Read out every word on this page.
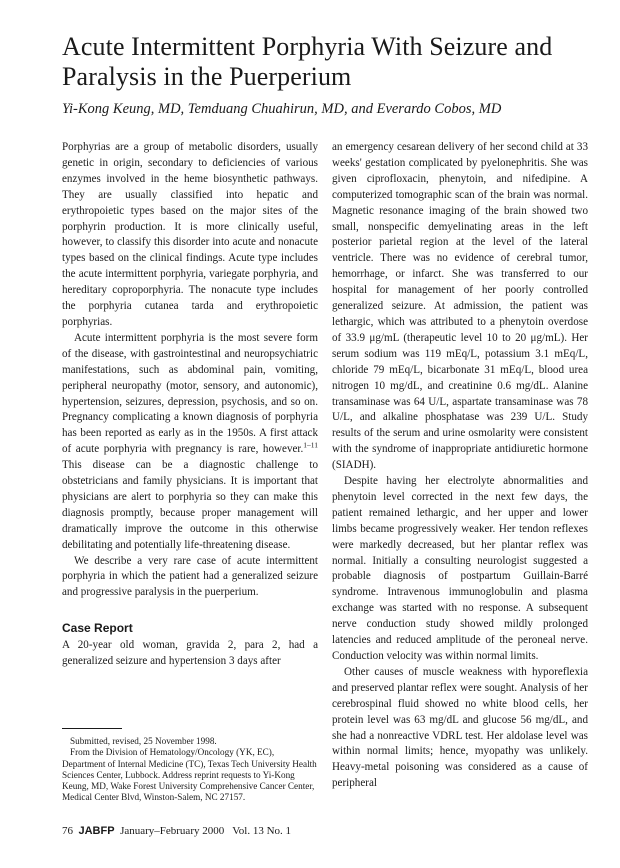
Acute Intermittent Porphyria With Seizure and Paralysis in the Puerperium
Yi-Kong Keung, MD, Temduang Chuahirun, MD, and Everardo Cobos, MD

Porphyrias are a group of metabolic disorders, usually genetic in origin, secondary to deficiencies of various enzymes involved in the heme biosynthetic pathways. They are usually classified into hepatic and erythropoietic types based on the major sites of the porphyrin production. It is more clinically useful, however, to classify this disorder into acute and nonacute types based on the clinical findings. Acute type includes the acute intermittent porphyria, variegate porphyria, and hereditary coproporphyria. The nonacute type includes the porphyria cutanea tarda and erythropoietic porphyrias.

Acute intermittent porphyria is the most severe form of the disease, with gastrointestinal and neuropsychiatric manifestations, such as abdominal pain, vomiting, peripheral neuropathy (motor, sensory, and autonomic), hypertension, seizures, depression, psychosis, and so on. Pregnancy complicating a known diagnosis of porphyria has been reported as early as in the 1950s. A first attack of acute porphyria with pregnancy is rare, however.$^{1-11}$ This disease can be a diagnostic challenge to obstetricians and family physicians. It is important that physicians are alert to porphyria so they can make this diagnosis promptly, because proper management will dramatically improve the outcome in this otherwise debilitating and potentially life-threatening disease.

We describe a very rare case of acute intermittent porphyria in which the patient had a generalized seizure and progressive paralysis in the puerperium.

Case Report

A 20-year old woman, gravida 2, para 2, had a generalized seizure and hypertension 3 days after

Submitted, revised, 25 November 1998.

From the Division of Hematology/Oncology (YK, EC), Department of Internal Medicine (TC), Texas Tech University Health Sciences Center, Lubbock. Address reprint requests to Yi-Kong Keung, MD, Wake Forest University Comprehensive Cancer Center, Medical Center Blvd, Winston-Salem, NC 27157.

an emergency cesarean delivery of her second child at 33 weeks' gestation complicated by pyelonephritis. She was given ciprofloxacin, phenytoin, and nifedipine. A computerized tomographic scan of the brain was normal. Magnetic resonance imaging of the brain showed two small, nonspecific demyelinating areas in the left posterior parietal region at the level of the lateral ventricle. There was no evidence of cerebral tumor, hemorrhage, or infarct. She was transferred to our hospital for management of her poorly controlled generalized seizure. At admission, the patient was lethargic, which was attributed to a phenytoin overdose of 33.9 μg/mL (therapeutic level 10 to 20 μg/mL). Her serum sodium was 119 mEq/L, potassium 3.1 mEq/L, chloride 79 mEq/L, bicarbonate 31 mEq/L, blood urea nitrogen 10 mg/dL, and creatinine 0.6 mg/dL. Alanine transaminase was 64 U/L, aspartate transaminase was 78 U/L, and alkaline phosphatase was 239 U/L. Study results of the serum and urine osmolarity were consistent with the syndrome of inappropriate antidiuretic hormone (SIADH).

Despite having her electrolyte abnormalities and phenytoin level corrected in the next few days, the patient remained lethargic, and her upper and lower limbs became progressively weaker. Her tendon reflexes were markedly decreased, but her plantar reflex was normal. Initially a consulting neurologist suggested a probable diagnosis of postpartum Guillain-Barré syndrome. Intravenous immunoglobulin and plasma exchange was started with no response. A subsequent nerve conduction study showed mildly prolonged latencies and reduced amplitude of the peroneal nerve. Conduction velocity was within normal limits.

Other causes of muscle weakness with hyporeflexia and preserved plantar reflex were sought. Analysis of her cerebrospinal fluid showed no white blood cells, her protein level was 63 mg/dL and glucose 56 mg/dL, and she had a nonreactive VDRL test. Her aldolase level was within normal limits; hence, myopathy was unlikely. Heavy-metal poisoning was considered as a cause of peripheral

76 JABFP January–February 2000   Vol. 13 No. 1
